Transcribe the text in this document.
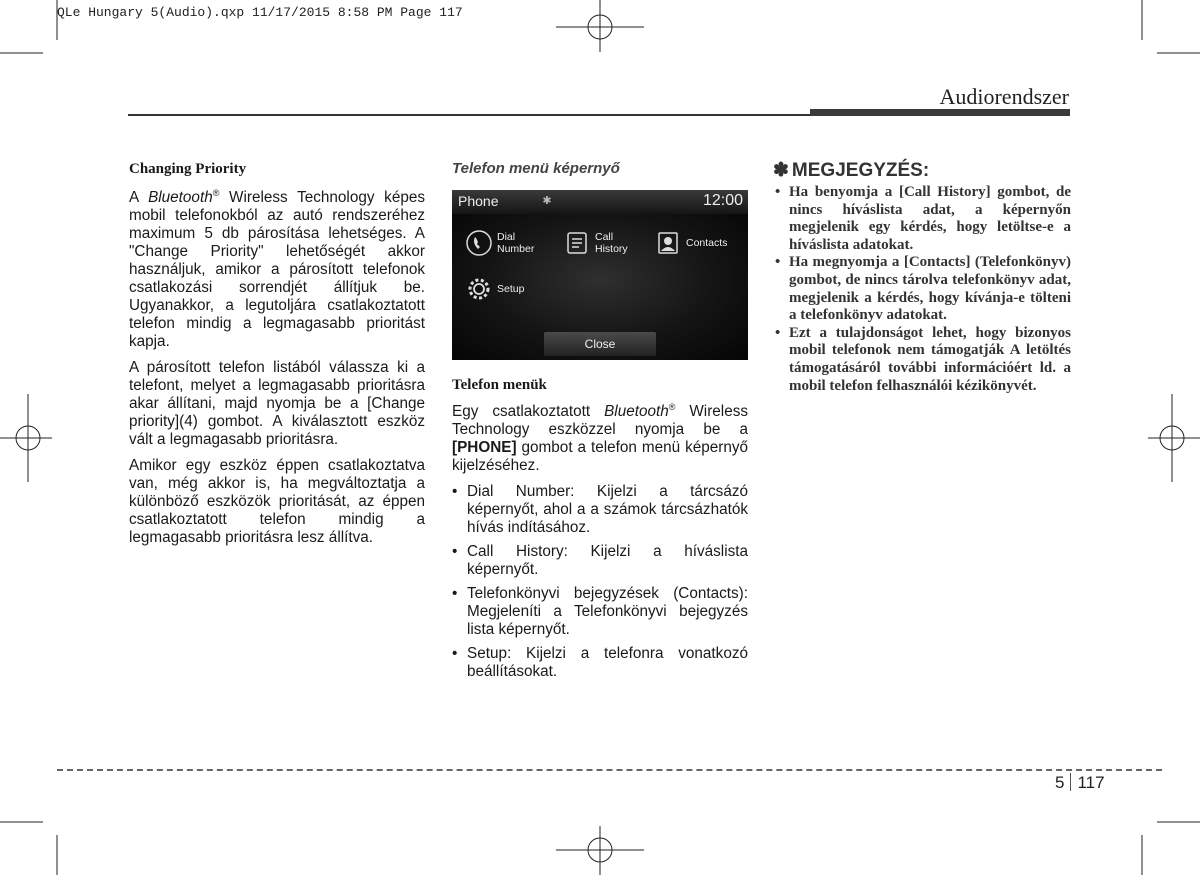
QLe Hungary 5(Audio).qxp 11/17/2015 8:58 PM Page 117
Audiorendszer
Changing Priority

A Bluetooth® Wireless Technology képes mobil telefonokból az autó rendszeréhez maximum 5 db párosítása lehetséges. A "Change Priority" lehetőségét akkor használjuk, amikor a párosított telefonok csatlakozási sorrendjét állítjuk be. Ugyanakkor, a legutoljára csatlakoztatott telefon mindig a legmagasabb prioritást kapja.

A párosított telefon listából válassza ki a telefont, melyet a legmagasabb prioritásra akar állítani, majd nyomja be a [Change priority](4) gombot. A kiválasztott eszköz vált a legmagasabb prioritásra.

Amikor egy eszköz éppen csatlakoztatva van, még akkor is, ha megváltoztatja a különböző eszközök prioritását, az éppen csatlakoztatott telefon mindig a legmagasabb prioritásra lesz állítva.

Telefon menü képernyő
Phone	✱	12:00
Dial
Number
Call
History	Contacts
Setup
Close
Telefon menük

Egy csatlakoztatott Bluetooth® Wireless Technology eszközzel nyomja be a [PHONE] gombot a telefon menü képernyő kijelzéséhez.

• Dial Number: Kijelzi a tárcsázó képernyőt, ahol a a számok tárcsázhatók hívás indításához.
• Call History: Kijelzi a híváslista képernyőt.
• Telefonkönyvi bejegyzések (Contacts): Megjeleníti a Telefonkönyvi bejegyzés lista képernyőt.
• Setup: Kijelzi a telefonra vonatkozó beállításokat.
✽ MEGJEGYZÉS:
• Ha benyomja a [Call History] gombot, de nincs híváslista adat, a képernyőn megjelenik egy kérdés, hogy letöltse-e a híváslista adatokat.
• Ha megnyomja a [Contacts] (Telefonkönyv) gombot, de nincs tárolva telefonkönyv adat, megjelenik a kérdés, hogy kívánja-e tölteni a telefonkönyv adatokat.
• Ezt a tulajdonságot lehet, hogy bizonyos mobil telefonok nem támogatják A letöltés támogatásáról további információért ld. a mobil telefon felhasználói kézikönyvét.
5 117
